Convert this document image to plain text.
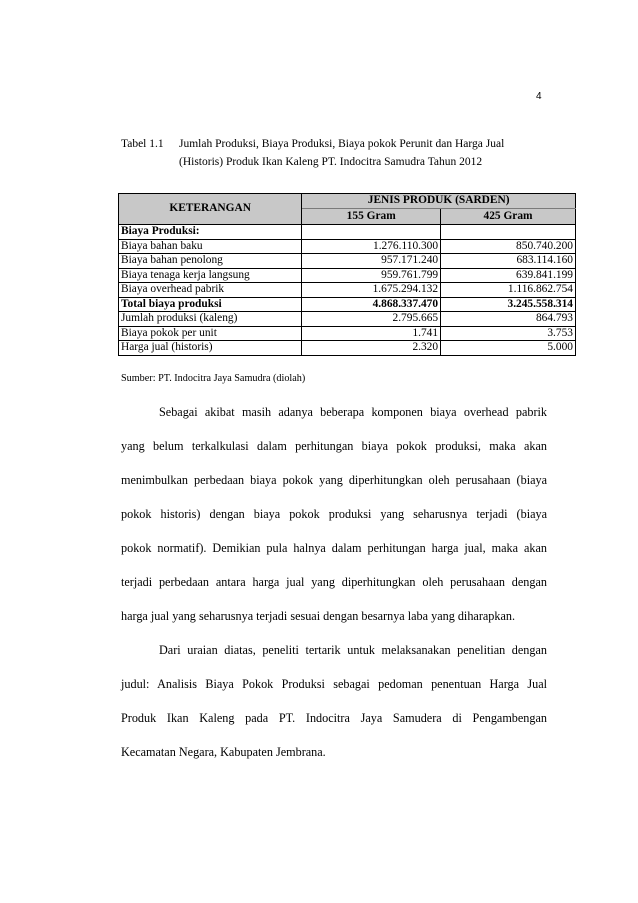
4
Tabel 1.1 Jumlah Produksi, Biaya Produksi, Biaya pokok Perunit dan Harga Jual
(Historis) Produk Ikan Kaleng PT. Indocitra Samudra Tahun 2012
KETERANGAN	JENIS PRODUK (SARDEN)	
	155 Gram	425 Gram
Biaya Produksi:		
Biaya bahan baku	1.276.110.300	850.740.200
Biaya bahan penolong	957.171.240	683.114.160
Biaya tenaga kerja langsung	959.761.799	639.841.199
Biaya overhead pabrik	1.675.294.132	1.116.862.754
Total biaya produksi	4.868.337.470	3.245.558.314
Jumlah produksi (kaleng)	2.795.665	864.793
Biaya pokok per unit	1.741	3.753
Harga jual (historis)	2.320	5.000
Sumber: PT. Indocitra Jaya Samudra (diolah)
Sebagai akibat masih adanya beberapa komponen biaya overhead pabrik
yang belum terkalkulasi dalam perhitungan biaya pokok produksi, maka akan
menimbulkan perbedaan biaya pokok yang diperhitungkan oleh perusahaan (biaya
pokok historis) dengan biaya pokok produksi yang seharusnya terjadi (biaya
pokok normatif). Demikian pula halnya dalam perhitungan harga jual, maka akan
terjadi perbedaan antara harga jual yang diperhitungkan oleh perusahaan dengan
harga jual yang seharusnya terjadi sesuai dengan besarnya laba yang diharapkan.
Dari uraian diatas, peneliti tertarik untuk melaksanakan penelitian dengan
judul: Analisis Biaya Pokok Produksi sebagai pedoman penentuan Harga Jual
Produk Ikan Kaleng pada PT. Indocitra Jaya Samudera di Pengambengan
Kecamatan Negara, Kabupaten Jembrana.
